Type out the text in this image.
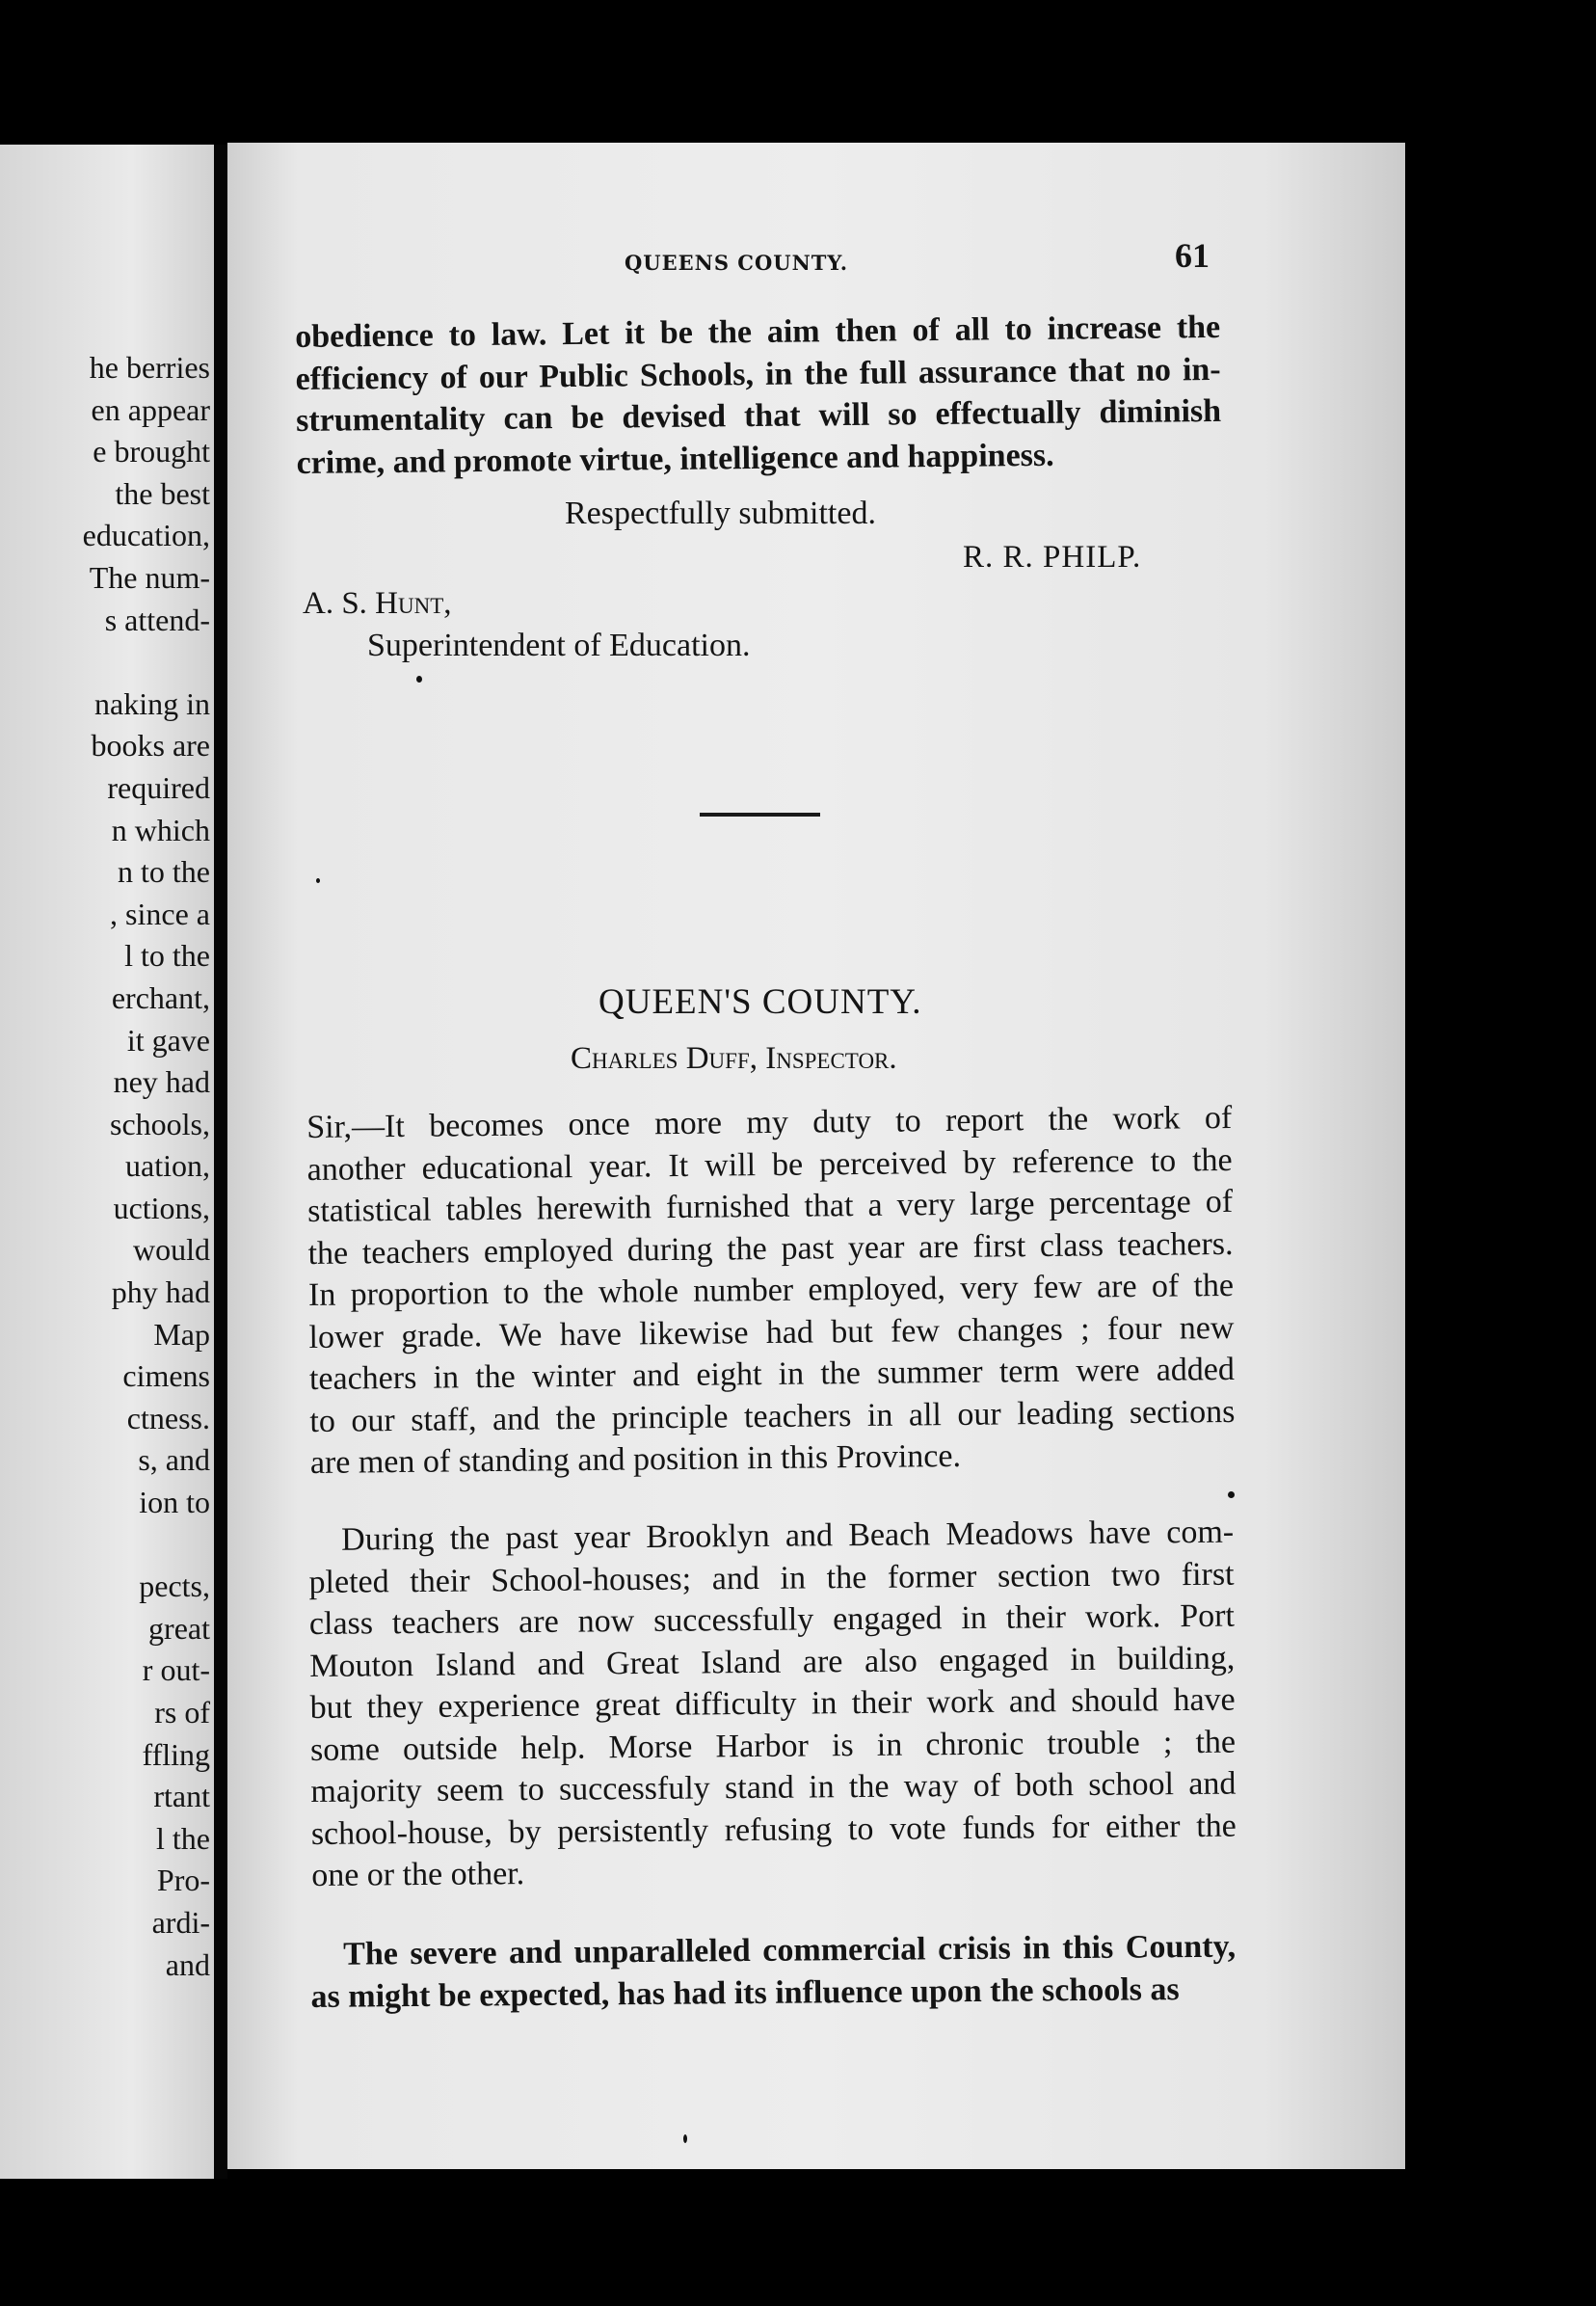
he berries
en appear
e brought
the best
education,
The num-
s attend-
naking in
books are
required
n which
n to the
, since a
l to the
erchant,
it gave
ney had
schools,
uation,
uctions,
would
phy had
Map
cimens
ctness.
s, and
ion to
pects,
great
r out-
rs of
ffling
rtant
l the
Pro-
ardi-
and
QUEENS COUNTY.	61
obedience to law. Let it be the aim then of all to increase the
efficiency of our Public Schools, in the full assurance that no in-
strumentality can be devised that will so effectually diminish
crime, and promote virtue, intelligence and happiness.
Respectfully submitted.
R. R. PHILP.
A. S. Hunt,
Superintendent of Education.
QUEEN'S COUNTY.
Charles Duff, Inspector.
Sir,—It becomes once more my duty to report the work of
another educational year. It will be perceived by reference to the
statistical tables herewith furnished that a very large percentage of
the teachers employed during the past year are first class teachers.
In proportion to the whole number employed, very few are of the
lower grade. We have likewise had but few changes ; four new
teachers in the winter and eight in the summer term were added
to our staff, and the principle teachers in all our leading sections
are men of standing and position in this Province.
During the past year Brooklyn and Beach Meadows have com-
pleted their School-houses; and in the former section two first
class teachers are now successfully engaged in their work. Port
Mouton Island and Great Island are also engaged in building,
but they experience great difficulty in their work and should have
some outside help. Morse Harbor is in chronic trouble ; the
majority seem to successfuly stand in the way of both school and
school-house, by persistently refusing to vote funds for either the
one or the other.
The severe and unparalleled commercial crisis in this County,
as might be expected, has had its influence upon the schools as
